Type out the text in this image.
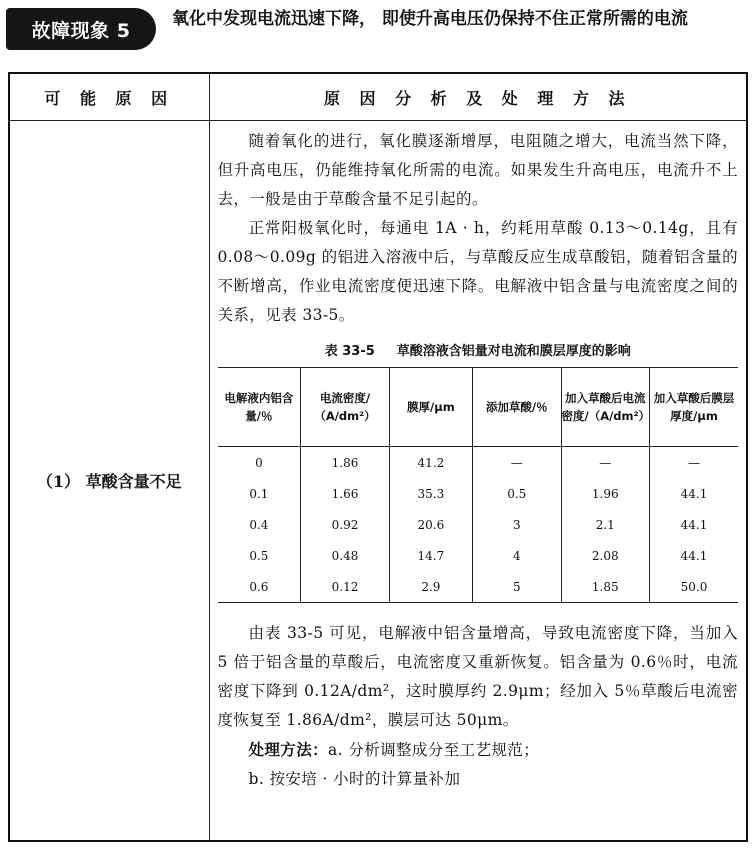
故障现象 5
氧化中发现电流迅速下降， 即使升高电压仍保持不住正常所需的电流
可 能 原 因	原 因 分 析 及 处 理 方 法
（1） 草酸含量不足	

随着氧化的进行，氧化膜逐渐增厚，电阻随之增大，电流当然下降，但升高电压，仍能维持氧化所需的电流。如果发生升高电压，电流升不上去，一般是由于草酸含量不足引起的。

正常阳极氧化时，每通电 1A · h，约耗用草酸 0.13～0.14g，且有 0.08～0.09g 的铝进入溶液中后，与草酸反应生成草酸铝，随着铝含量的不断增高，作业电流密度便迅速下降。电解液中铝含量与电流密度之间的关系，见表 33-5。

表 33-5 草酸溶液含铝量对电流和膜层厚度的影响
电解液内铝含量/％	电流密度/（A/dm²）	膜厚/μm	添加草酸/％	加入草酸后电流密度/（A/dm²）	加入草酸后膜层厚度/μm
0	1.86	41.2	—	—	—
0.1	1.66	35.3	0.5	1.96	44.1
0.4	0.92	20.6	3	2.1	44.1
0.5	0.48	14.7	4	2.08	44.1
0.6	0.12	2.9	5	1.85	50.0

由表 33-5 可见，电解液中铝含量增高，导致电流密度下降，当加入 5 倍于铝含量的草酸后，电流密度又重新恢复。铝含量为 0.6％时，电流密度下降到 0.12A/dm²，这时膜厚约 2.9μm；经加入 5％草酸后电流密度恢复至 1.86A/dm²，膜层可达 50μm。

处理方法：a. 分析调整成分至工艺规范；

b. 按安培 · 小时的计算量补加
